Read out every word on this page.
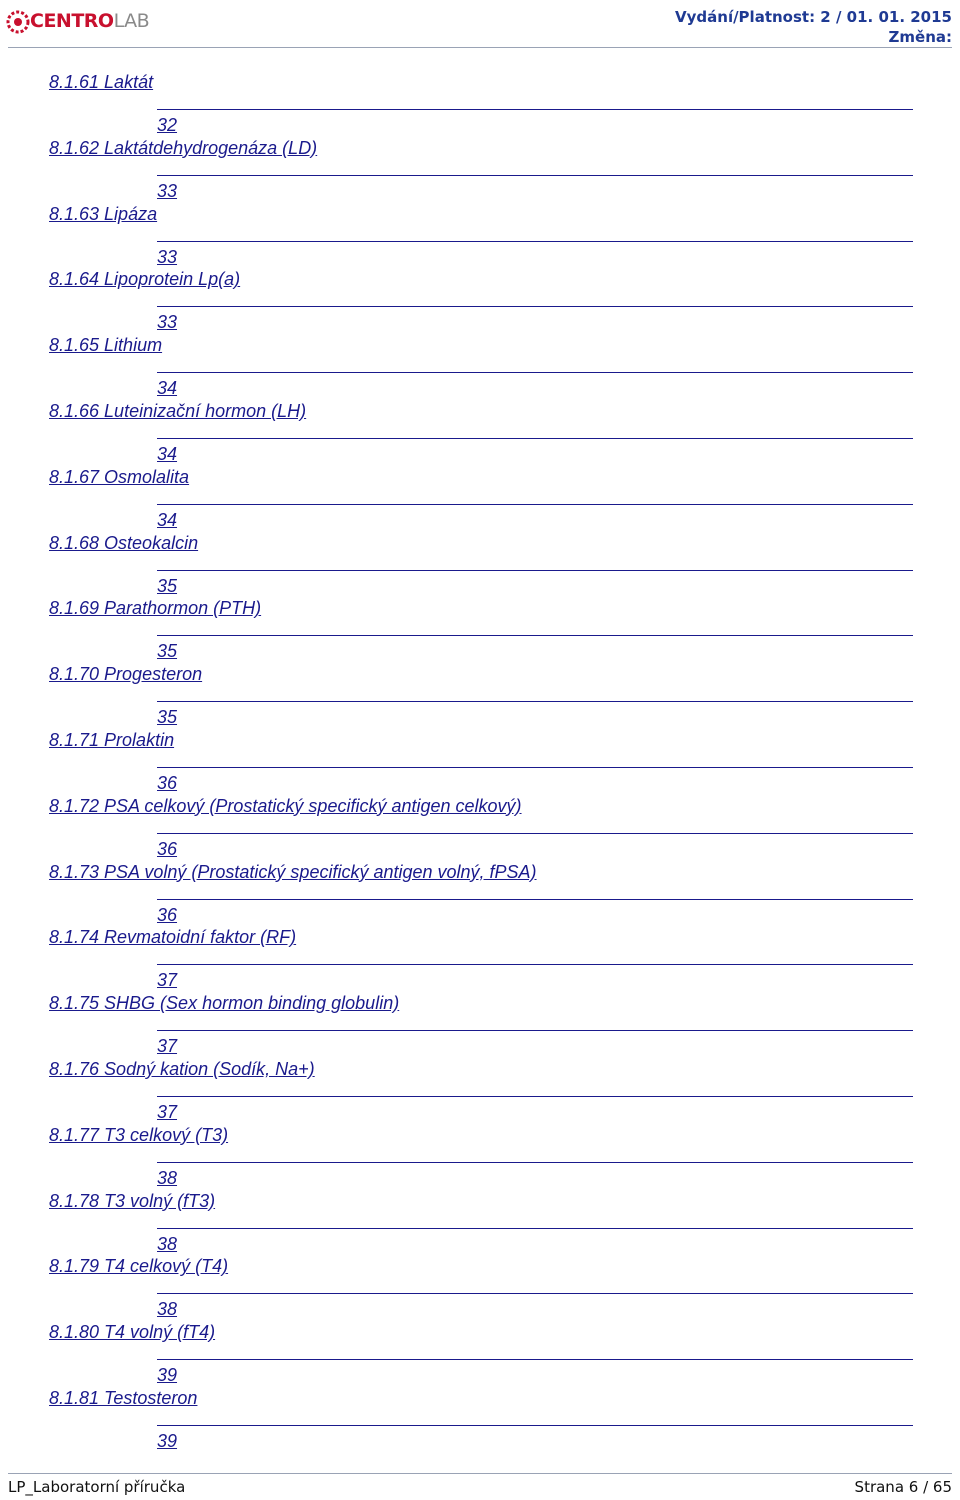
CENTROLAB	Vydání/Platnost: 2 / 01. 01. 2015
Změna:
8.1.61 Laktát
32
8.1.62 Laktátdehydrogenáza (LD)
33
8.1.63 Lipáza
33
8.1.64 Lipoprotein Lp(a)
33
8.1.65 Lithium
34
8.1.66 Luteinizační hormon (LH)
34
8.1.67 Osmolalita
34
8.1.68 Osteokalcin
35
8.1.69 Parathormon (PTH)
35
8.1.70 Progesteron
35
8.1.71 Prolaktin
36
8.1.72 PSA celkový (Prostatický specifický antigen celkový)
36
8.1.73 PSA volný (Prostatický specifický antigen volný, fPSA)
36
8.1.74 Revmatoidní faktor (RF)
37
8.1.75 SHBG (Sex hormon binding globulin)
37
8.1.76 Sodný kation (Sodík, Na+)
37
8.1.77 T3 celkový (T3)
38
8.1.78 T3 volný (fT3)
38
8.1.79 T4 celkový (T4)
38
8.1.80 T4 volný (fT4)
39
8.1.81 Testosteron
39
LP_Laboratorní příručka	Strana 6 / 65
